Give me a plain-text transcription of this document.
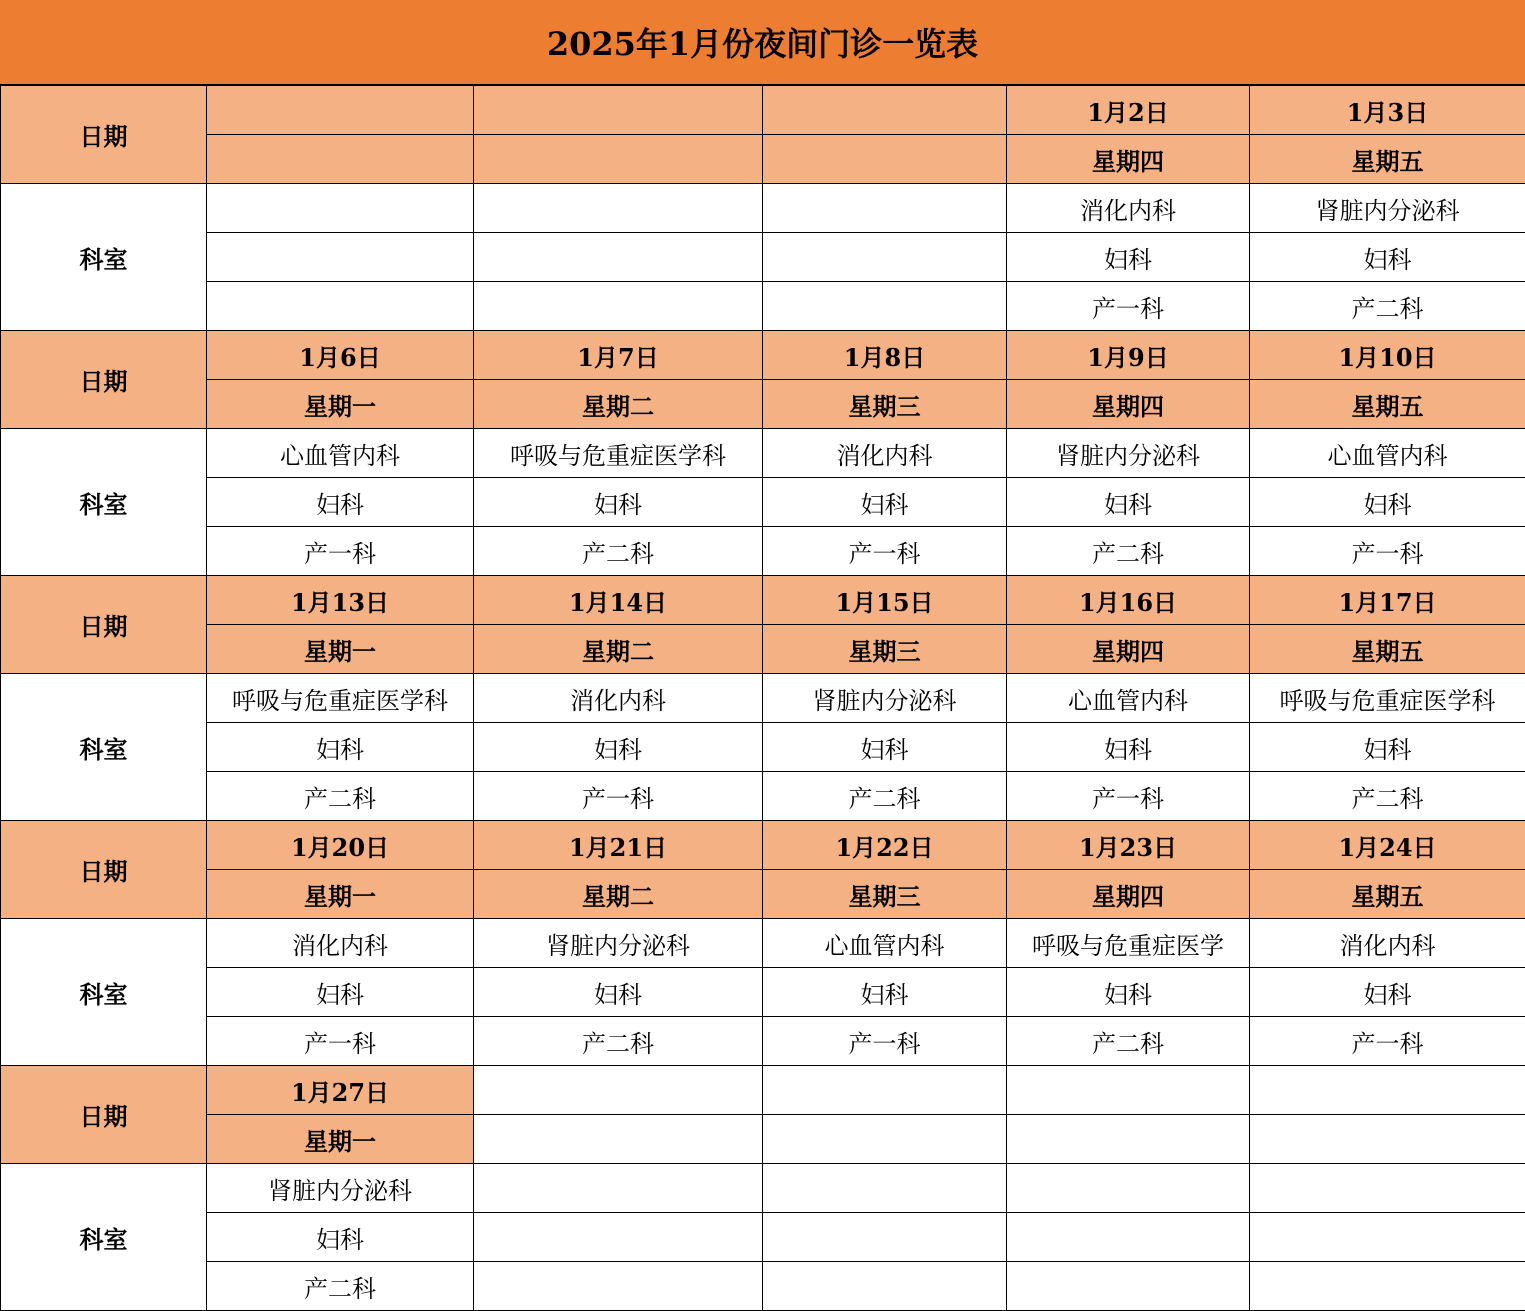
2025年1月份夜间门诊一览表
日期				1月2日	1月3日
				星期四	星期五
科室				消化内科	肾脏内分泌科
				妇科	妇科
				产一科	产二科
日期	1月6日	1月7日	1月8日	1月9日	1月10日
	星期一	星期二	星期三	星期四	星期五
科室	心血管内科	呼吸与危重症医学科	消化内科	肾脏内分泌科	心血管内科
	妇科	妇科	妇科	妇科	妇科
	产一科	产二科	产一科	产二科	产一科
日期	1月13日	1月14日	1月15日	1月16日	1月17日
	星期一	星期二	星期三	星期四	星期五
科室	呼吸与危重症医学科	消化内科	肾脏内分泌科	心血管内科	呼吸与危重症医学科
	妇科	妇科	妇科	妇科	妇科
	产二科	产一科	产二科	产一科	产二科
日期	1月20日	1月21日	1月22日	1月23日	1月24日
	星期一	星期二	星期三	星期四	星期五
科室	消化内科	肾脏内分泌科	心血管内科	呼吸与危重症医学	消化内科
	妇科	妇科	妇科	妇科	妇科
	产一科	产二科	产一科	产二科	产一科
日期	1月27日				
	星期一				
科室	肾脏内分泌科				
	妇科				
	产二科				
